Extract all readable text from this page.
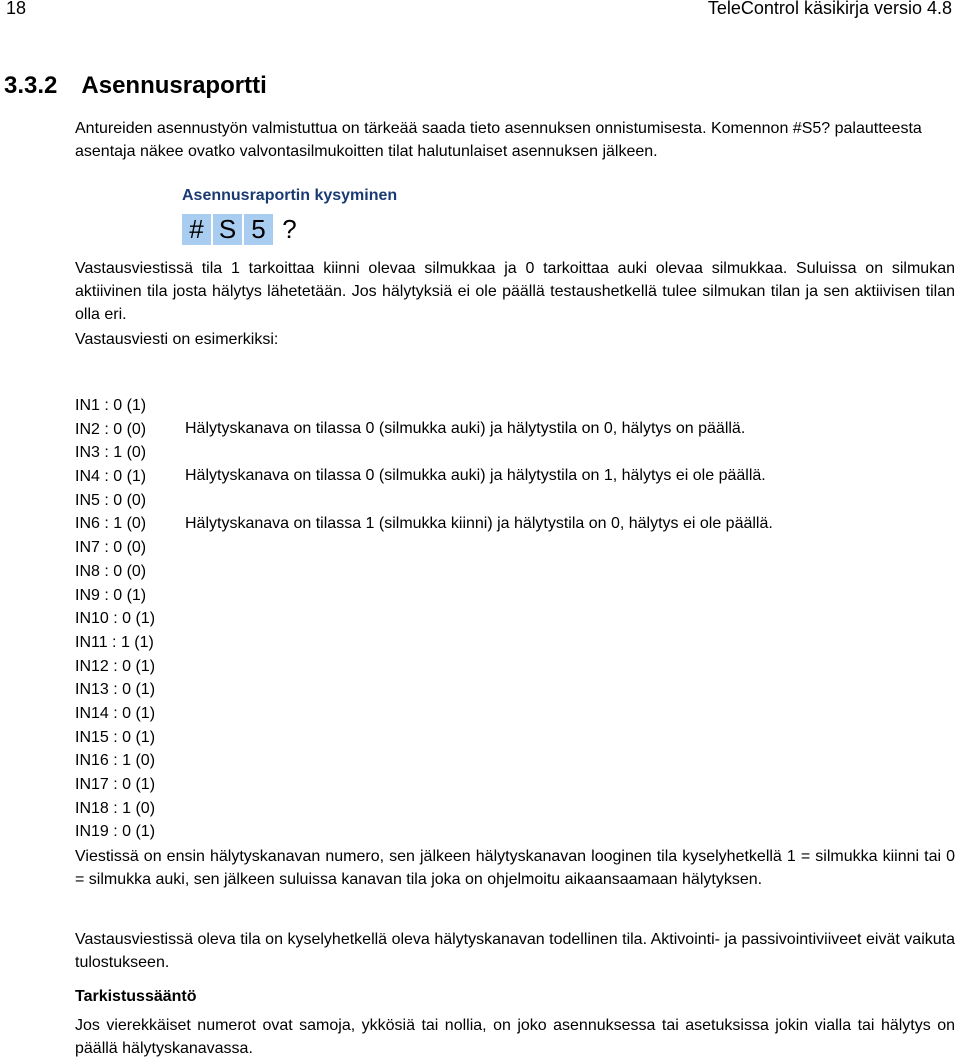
18	TeleControl käsikirja versio 4.8
3.3.2 Asennusraportti

Antureiden asennustyön valmistuttua on tärkeää saada tieto asennuksen onnistumisesta. Komennon #S5? palautteesta asentaja näkee ovatko valvontasilmukoitten tilat halutunlaiset asennuksen jälkeen.

Asennusraportin kysyminen
# S 5 ?

Vastausviestissä tila 1 tarkoittaa kiinni olevaa silmukkaa ja 0 tarkoittaa auki olevaa silmukkaa. Suluissa on silmukan aktiivinen tila josta hälytys lähetetään. Jos hälytyksiä ei ole päällä testaushetkellä tulee silmukan tilan ja sen aktiivisen tilan olla eri.

Vastausviesti on esimerkiksi:

IN1 : 0 (1)
IN2 : 0 (0)
IN3 : 1 (0)
IN4 : 0 (1)
IN5 : 0 (0)
IN6 : 1 (0)
IN7 : 0 (0)
IN8 : 0 (0)
IN9 : 0 (1)
IN10 : 0 (1)
IN11 : 1 (1)
IN12 : 0 (1)
IN13 : 0 (1)
IN14 : 0 (1)
IN15 : 0 (1)
IN16 : 1 (0)
IN17 : 0 (1)
IN18 : 1 (0)
IN19 : 0 (1)
Hälytyskanava on tilassa 0 (silmukka auki) ja hälytystila on 0, hälytys on päällä.
Hälytyskanava on tilassa 0 (silmukka auki) ja hälytystila on 1, hälytys ei ole päällä.
Hälytyskanava on tilassa 1 (silmukka kiinni) ja hälytystila on 0, hälytys ei ole päällä.

Viestissä on ensin hälytyskanavan numero, sen jälkeen hälytyskanavan looginen tila kyselyhetkellä 1 = silmukka kiinni tai 0 = silmukka auki, sen jälkeen suluissa kanavan tila joka on ohjelmoitu aikaansaamaan hälytyksen.

Vastausviestissä oleva tila on kyselyhetkellä oleva hälytyskanavan todellinen tila. Aktivointi- ja passivointiviiveet eivät vaikuta tulostukseen.

Tarkistussääntö

Jos vierekkäiset numerot ovat samoja, ykkösiä tai nollia, on joko asennuksessa tai asetuksissa jokin vialla tai hälytys on päällä hälytyskanavassa.
